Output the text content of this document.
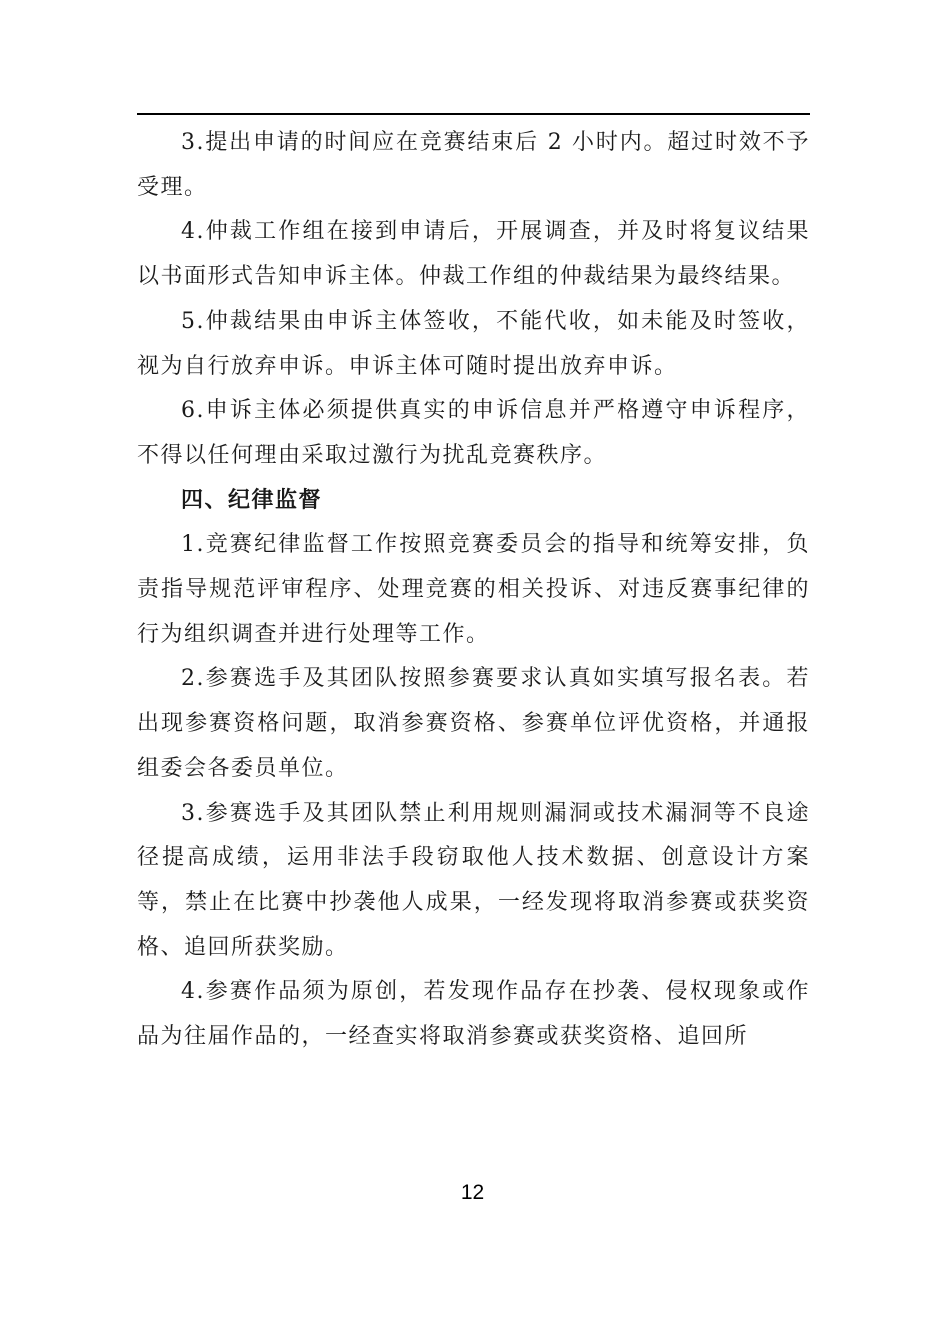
3.提出申请的时间应在竞赛结束后 2 小时内。超过时效不予受理。

4.仲裁工作组在接到申请后，开展调查，并及时将复议结果以书面形式告知申诉主体。仲裁工作组的仲裁结果为最终结果。

5.仲裁结果由申诉主体签收，不能代收，如未能及时签收，视为自行放弃申诉。申诉主体可随时提出放弃申诉。

6.申诉主体必须提供真实的申诉信息并严格遵守申诉程序，不得以任何理由采取过激行为扰乱竞赛秩序。

四、纪律监督

1.竞赛纪律监督工作按照竞赛委员会的指导和统筹安排，负责指导规范评审程序、处理竞赛的相关投诉、对违反赛事纪律的行为组织调查并进行处理等工作。

2.参赛选手及其团队按照参赛要求认真如实填写报名表。若出现参赛资格问题，取消参赛资格、参赛单位评优资格，并通报组委会各委员单位。

3.参赛选手及其团队禁止利用规则漏洞或技术漏洞等不良途径提高成绩，运用非法手段窃取他人技术数据、创意设计方案等，禁止在比赛中抄袭他人成果，一经发现将取消参赛或获奖资格、追回所获奖励。

4.参赛作品须为原创，若发现作品存在抄袭、侵权现象或作品为往届作品的，一经查实将取消参赛或获奖资格、追回所

12
